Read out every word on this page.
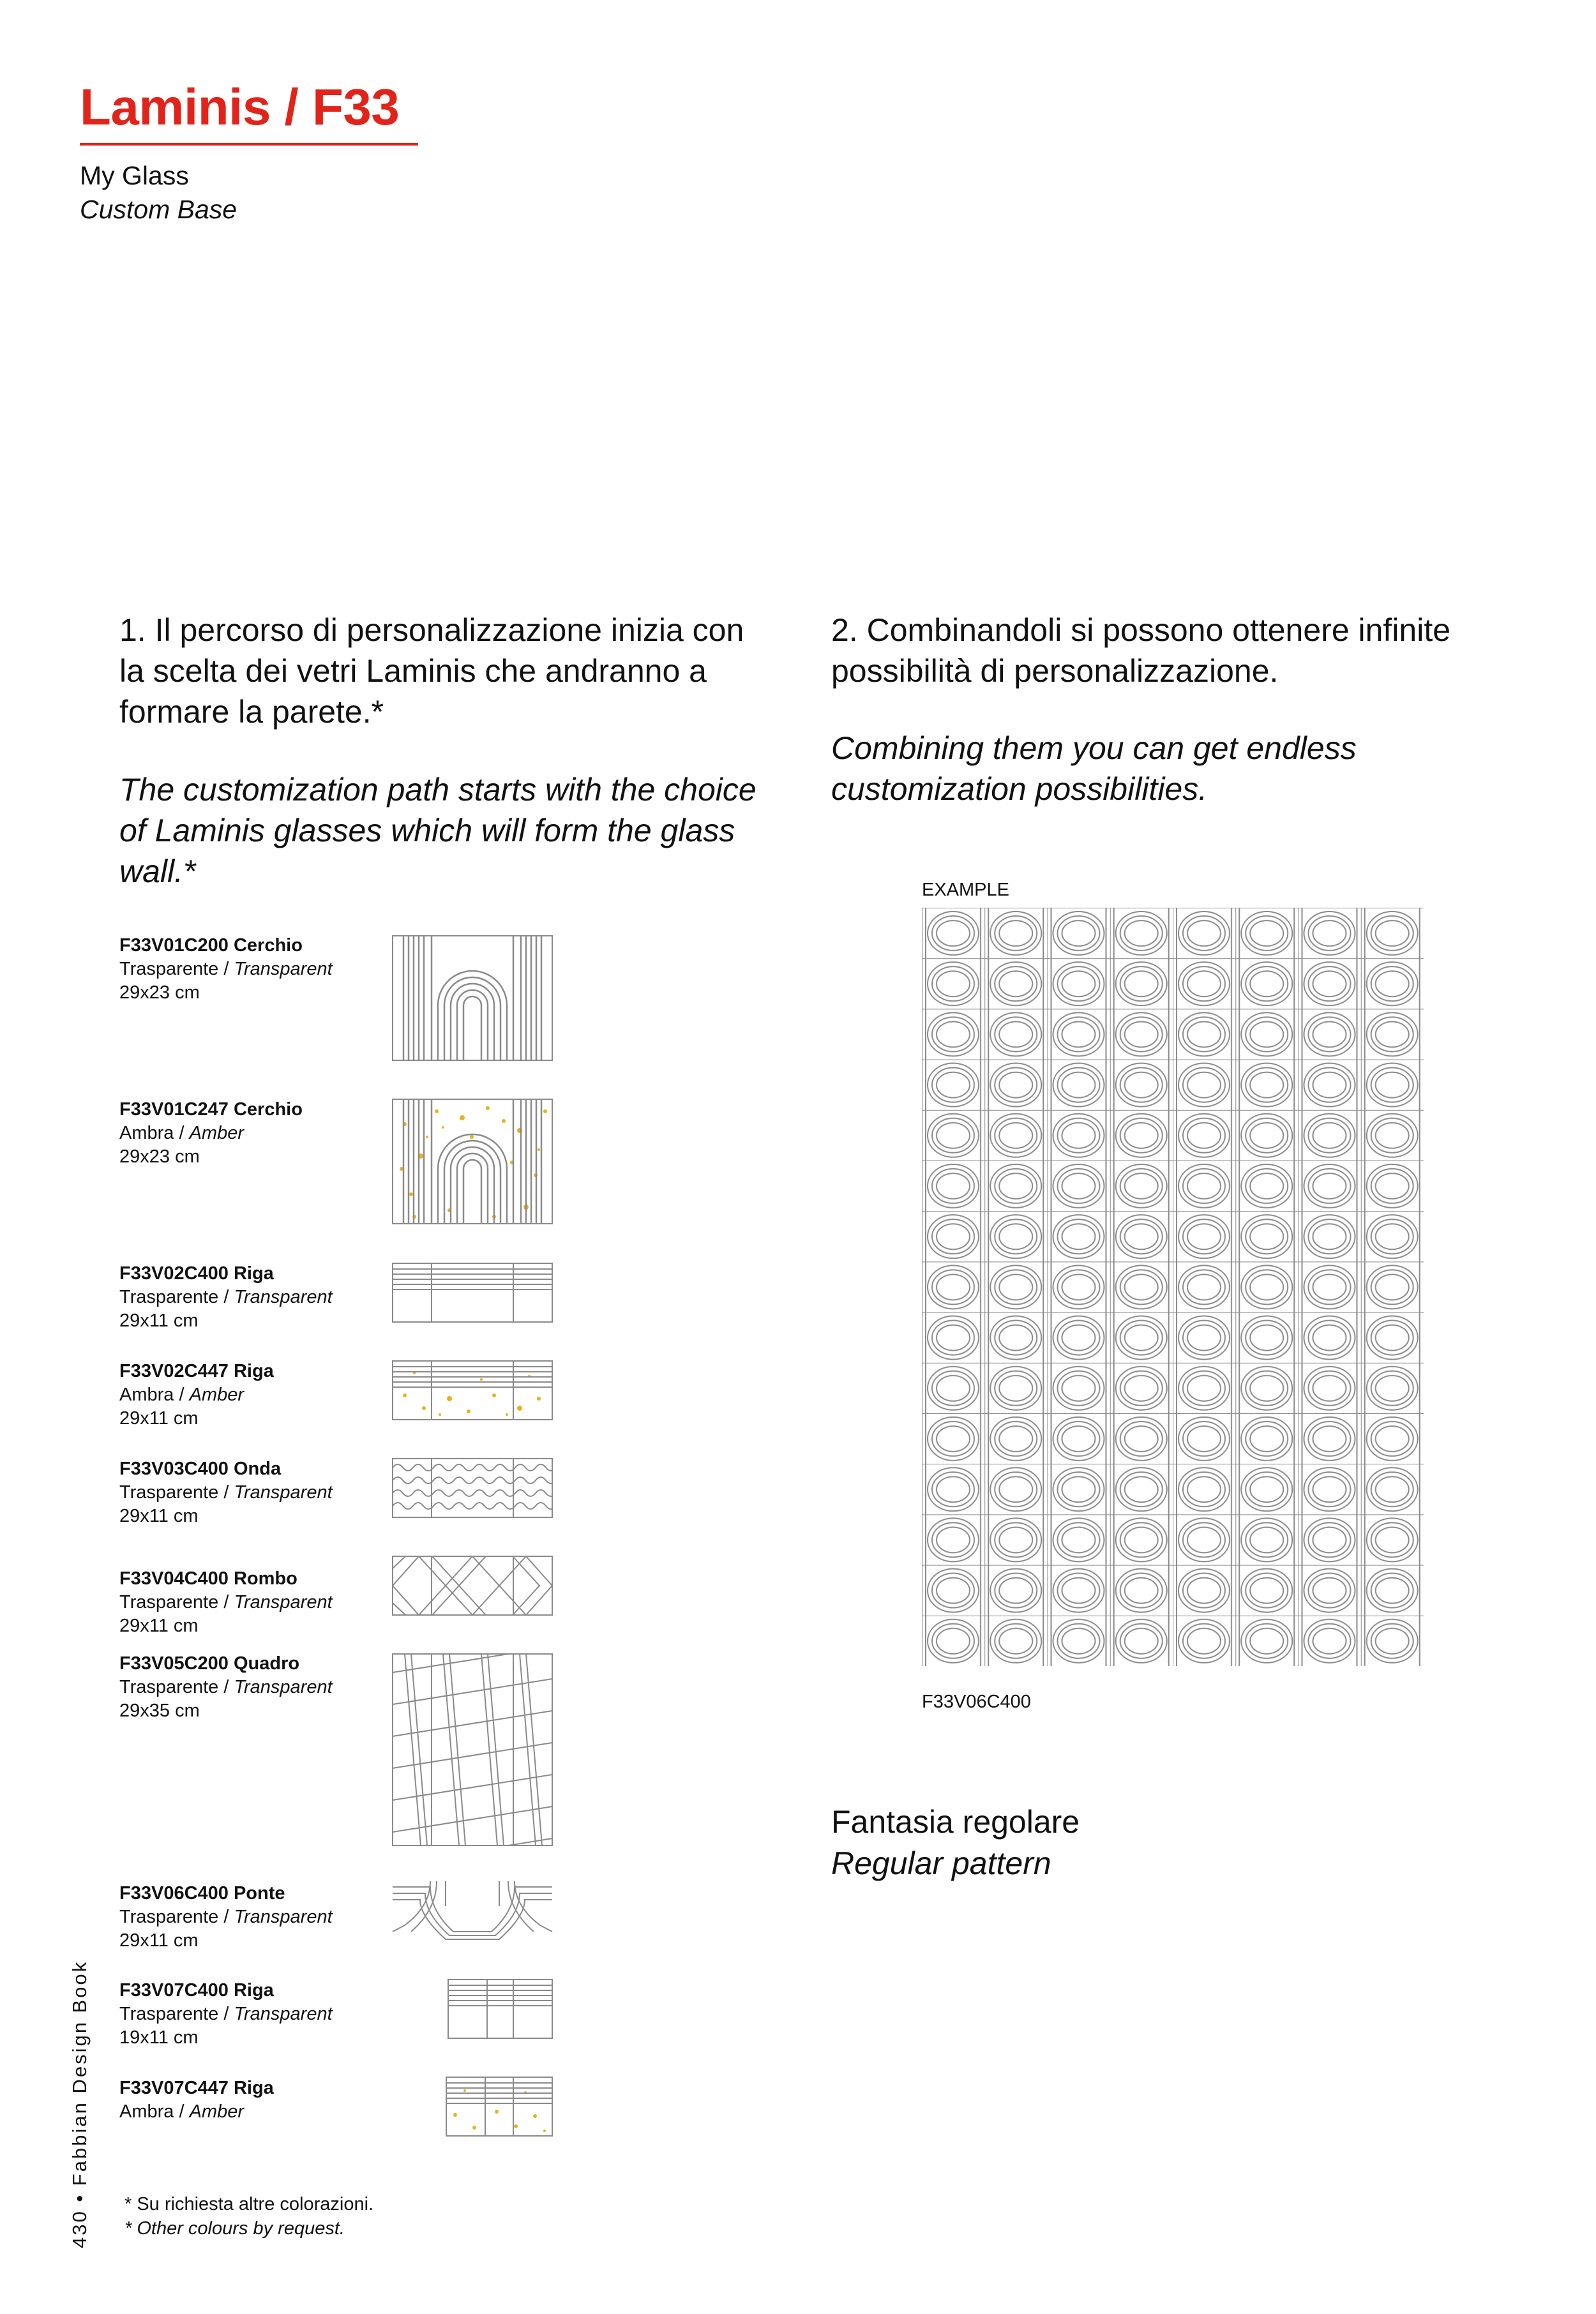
Laminis / F33
My Glass
Custom Base
1. Il percorso di personalizzazione inizia con la scelta dei vetri Laminis che andranno a formare la parete.*
The customization path starts with the choice of Laminis glasses which will form the glass wall.*
2. Combinandoli si possono ottenere infinite possibilità di personalizzazione.
Combining them you can get endless customization possibilities.
F33V01C200 Cerchio
Trasparente / Transparent
29x23 cm
F33V01C247 Cerchio
Ambra / Amber
29x23 cm
F33V02C400 Riga
Trasparente / Transparent
29x11 cm
F33V02C447 Riga
Ambra / Amber
29x11 cm
F33V03C400 Onda
Trasparente / Transparent
29x11 cm
F33V04C400 Rombo
Trasparente / Transparent
29x11 cm
F33V05C200 Quadro
Trasparente / Transparent
29x35 cm
F33V06C400 Ponte
Trasparente / Transparent
29x11 cm
F33V07C400 Riga
Trasparente / Transparent
19x11 cm
F33V07C447 Riga
Ambra / Amber
EXAMPLE
F33V06C400
Fantasia regolare
Regular pattern
* Su richiesta altre colorazioni.
* Other colours by request.
430 • Fabbian Design Book
